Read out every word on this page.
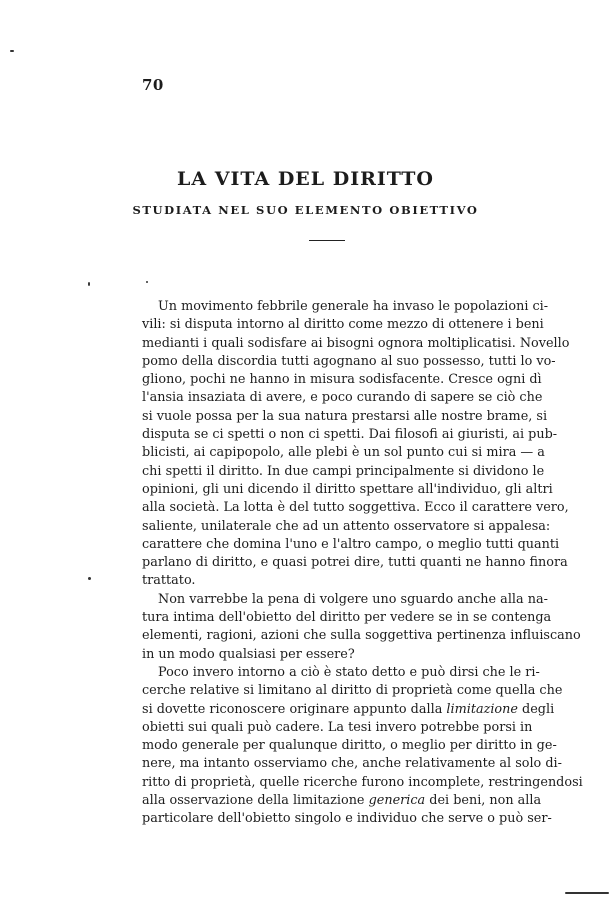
70
LA VITA DEL DIRITTO
STUDIATA NEL SUO ELEMENTO OBIETTIVO
Un movimento febbrile generale ha invaso le popolazioni ci-
vili: si disputa intorno al diritto come mezzo di ottenere i beni
medianti i quali sodisfare ai bisogni ognora moltiplicatisi. Novello
pomo della discordia tutti agognano al suo possesso, tutti lo vo-
gliono, pochi ne hanno in misura sodisfacente. Cresce ogni dì
l'ansia insaziata di avere, e poco curando di sapere se ciò che
si vuole possa per la sua natura prestarsi alle nostre brame, si
disputa se ci spetti o non ci spetti. Dai filosofi ai giuristi, ai pub-
blicisti, ai capipopolo, alle plebi è un sol punto cui si mira — a
chi spetti il diritto. In due campi principalmente si dividono le
opinioni, gli uni dicendo il diritto spettare all'individuo, gli altri
alla società. La lotta è del tutto soggettiva. Ecco il carattere vero,
saliente, unilaterale che ad un attento osservatore si appalesa:
carattere che domina l'uno e l'altro campo, o meglio tutti quanti
parlano di diritto, e quasi potrei dire, tutti quanti ne hanno finora
trattato.
Non varrebbe la pena di volgere uno sguardo anche alla na-
tura intima dell'obietto del diritto per vedere se in se contenga
elementi, ragioni, azioni che sulla soggettiva pertinenza influiscano
in un modo qualsiasi per essere?
Poco invero intorno a ciò è stato detto e può dirsi che le ri-
cerche relative si limitano al diritto di proprietà come quella che
si dovette riconoscere originare appunto dalla limitazione degli
obietti sui quali può cadere. La tesi invero potrebbe porsi in
modo generale per qualunque diritto, o meglio per diritto in ge-
nere, ma intanto osserviamo che, anche relativamente al solo di-
ritto di proprietà, quelle ricerche furono incomplete, restringendosi
alla osservazione della limitazione generica dei beni, non alla
particolare dell'obietto singolo e individuo che serve o può ser-
